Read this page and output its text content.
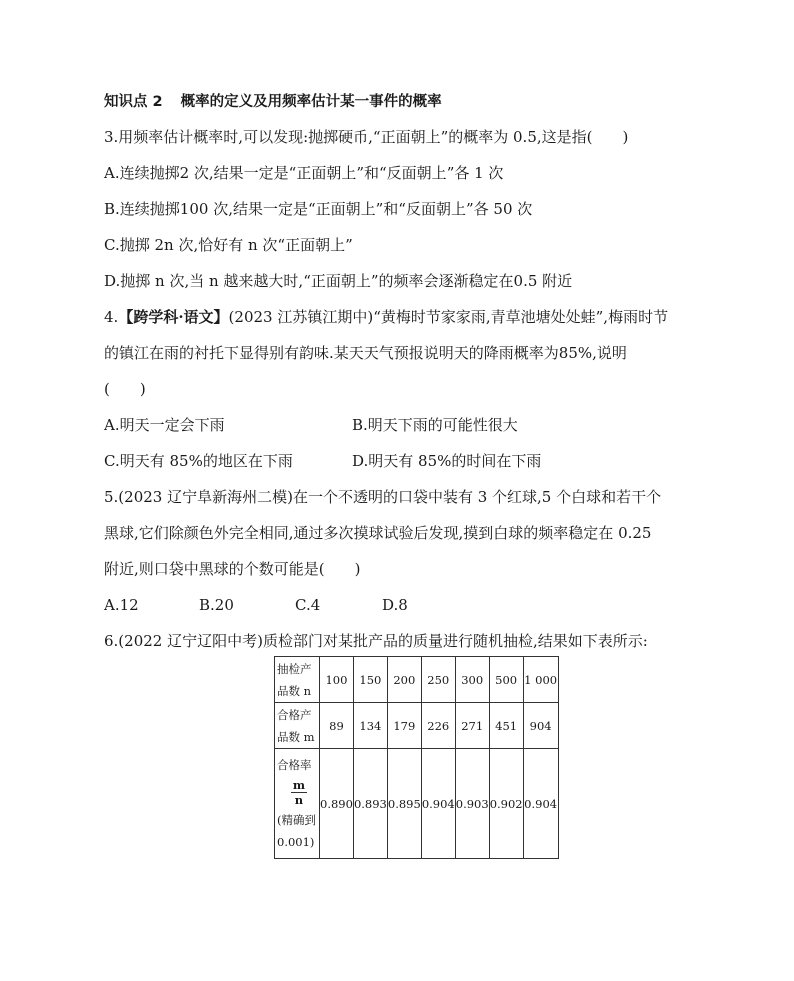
知识点 2 概率的定义及用频率估计某一事件的概率
3.用频率估计概率时,可以发现:抛掷硬币,“正面朝上”的概率为 0.5,这是指(　　)
A.连续抛掷2 次,结果一定是“正面朝上”和“反面朝上”各 1 次
B.连续抛掷100 次,结果一定是“正面朝上”和“反面朝上”各 50 次
C.抛掷 2n 次,恰好有 n 次“正面朝上”
D.抛掷 n 次,当 n 越来越大时,“正面朝上”的频率会逐渐稳定在0.5 附近
4.【跨学科·语文】(2023 江苏镇江期中)“黄梅时节家家雨,青草池塘处处蛙”,梅雨时节
的镇江在雨的衬托下显得别有韵味.某天天气预报说明天的降雨概率为85%,说明
(　　)
A.明天一定会下雨	B.明天下雨的可能性很大
C.明天有 85%的地区在下雨	D.明天有 85%的时间在下雨
5.(2023 辽宁阜新海州二模)在一个不透明的口袋中装有 3 个红球,5 个白球和若干个
黑球,它们除颜色外完全相同,通过多次摸球试验后发现,摸到白球的频率稳定在 0.25
附近,则口袋中黑球的个数可能是(　　)
A.12	B.20	C.4	D.8
6.(2022 辽宁辽阳中考)质检部门对某批产品的质量进行随机抽检,结果如下表所示:
抽检产
品数 n	100	150	200	250	300	500	1 000

合格产
品数 m	89	134	179	226	271	451	904

合格率
$\frac{m}{n}$
(精确到
0.001)	0.890	0.893	0.895	0.904	0.903	0.902	0.904
